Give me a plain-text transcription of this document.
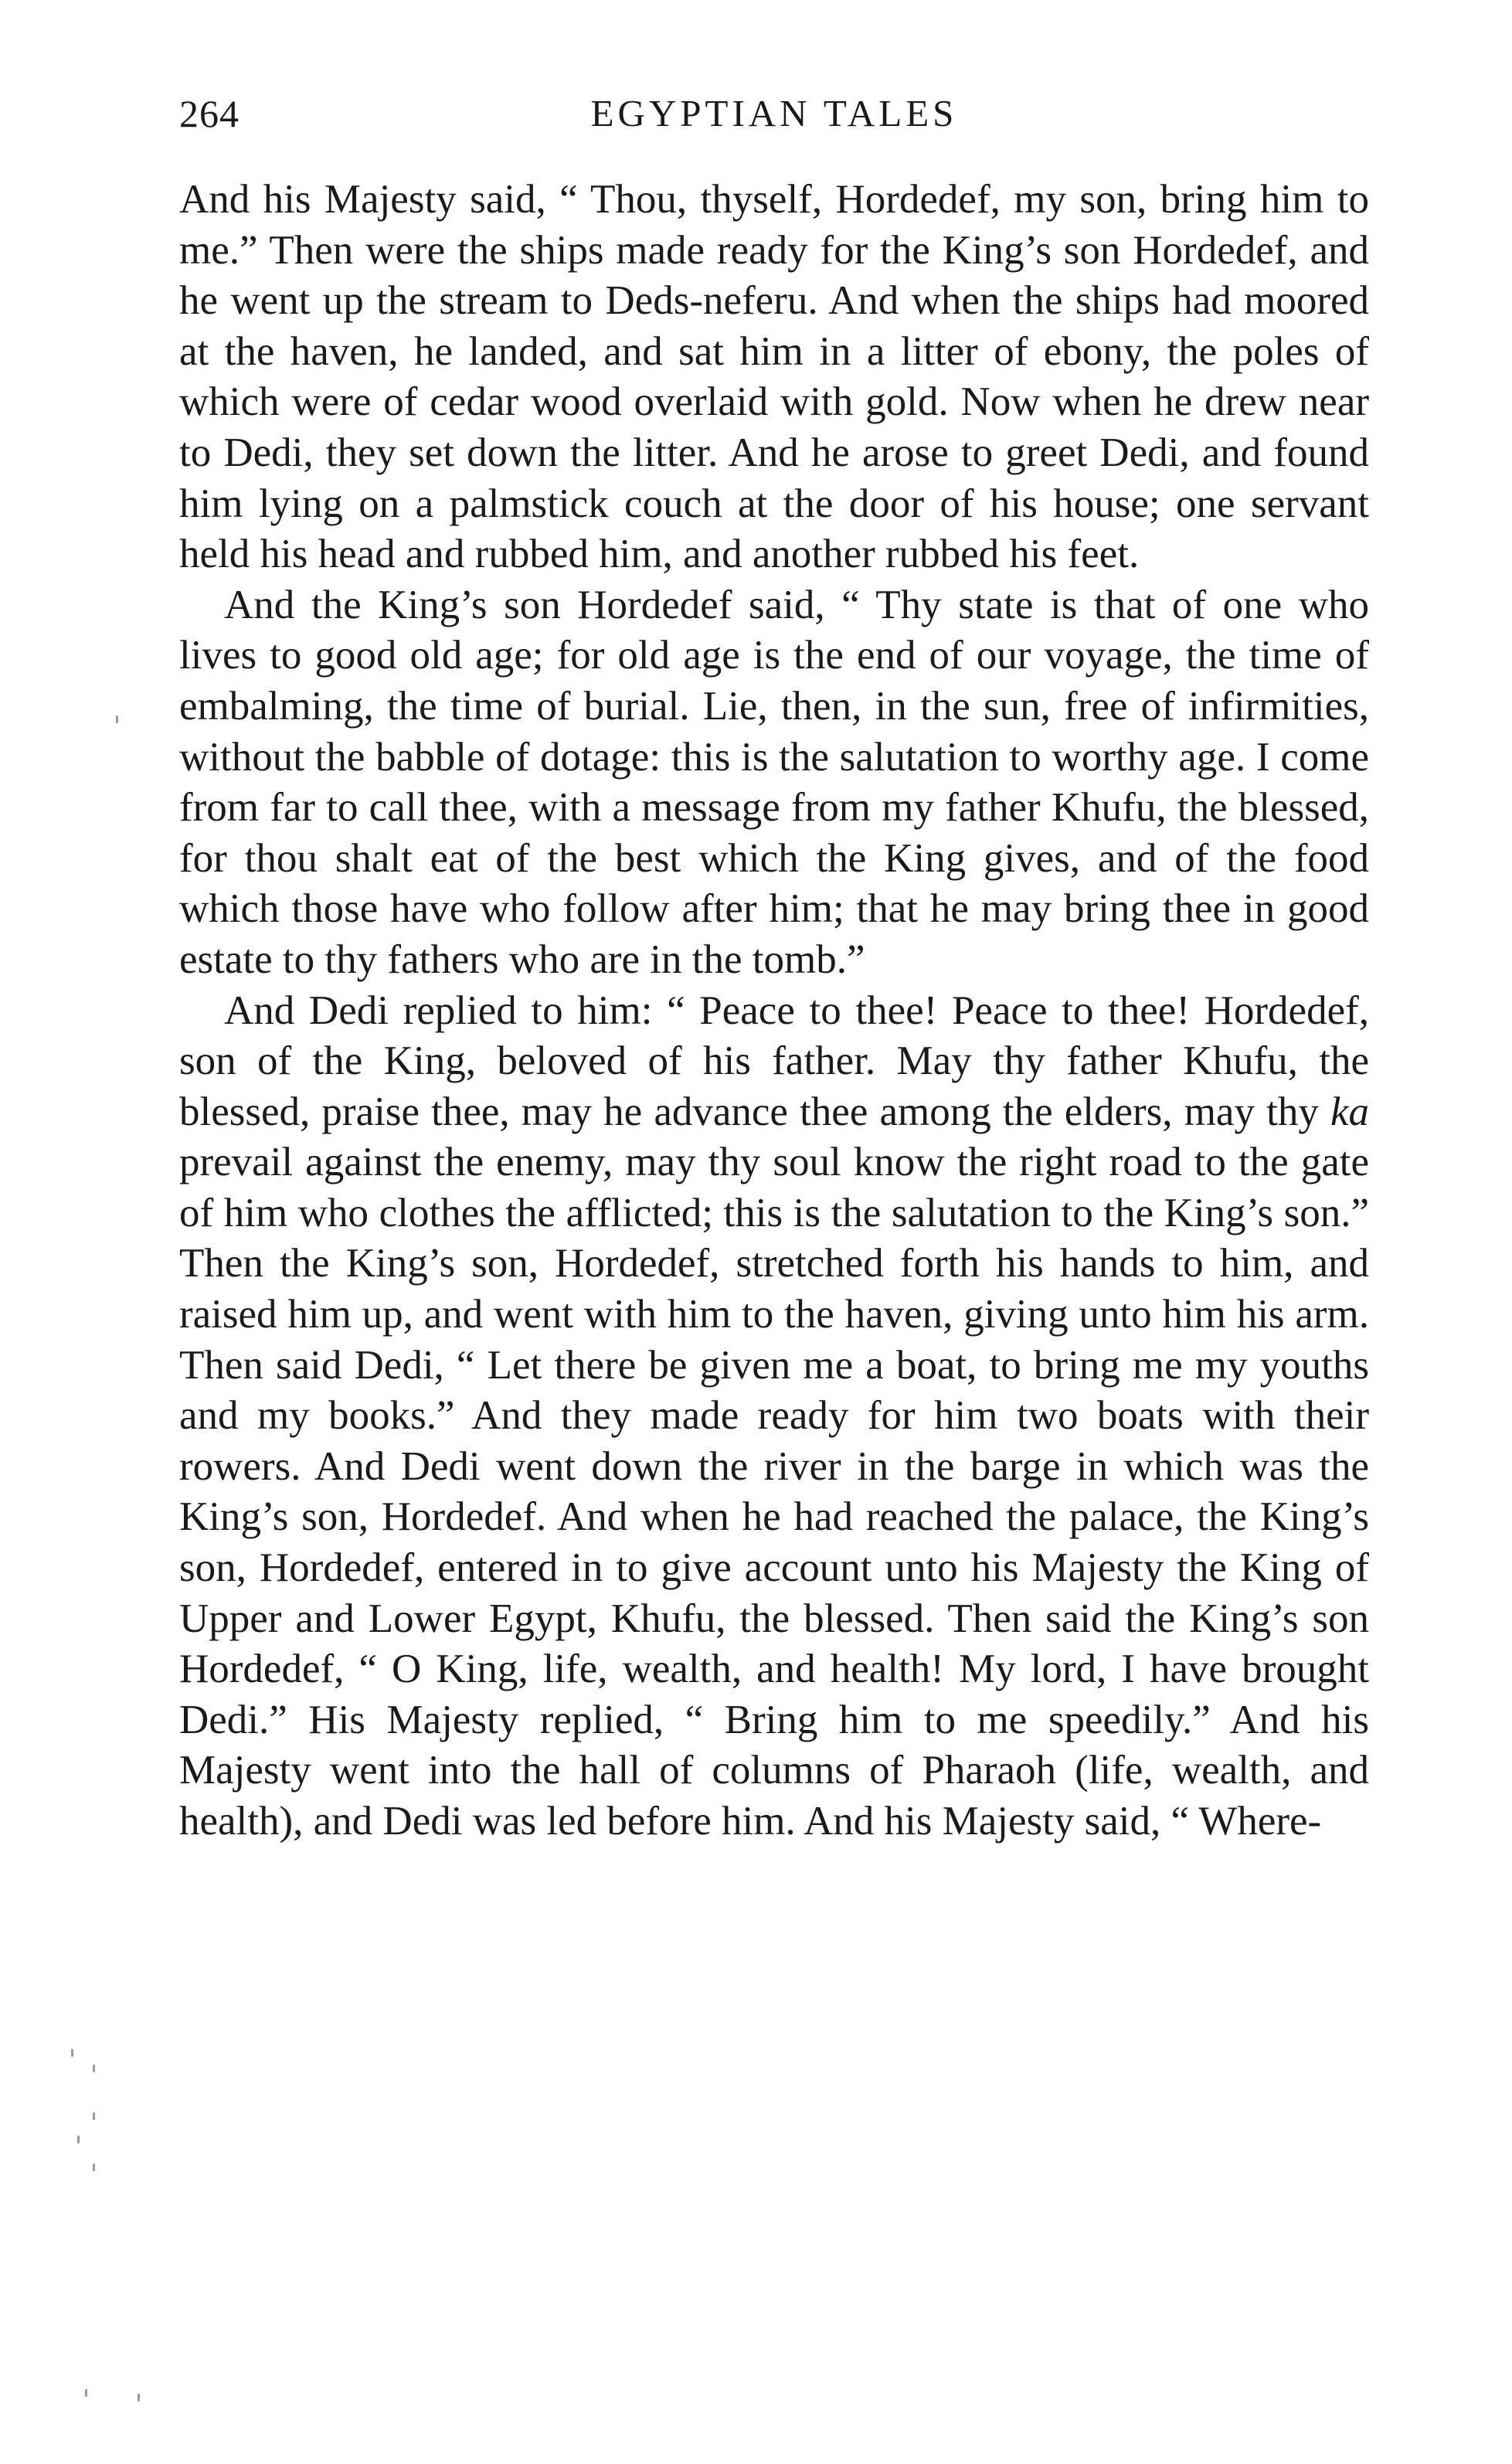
264	EGYPTIAN TALES

And his Majesty said, “ Thou, thyself, Hordedef, my son, bring him to me.” Then were the ships made ready for the King’s son Hordedef, and he went up the stream to Deds-neferu. And when the ships had moored at the haven, he landed, and sat him in a litter of ebony, the poles of which were of cedar wood overlaid with gold. Now when he drew near to Dedi, they set down the litter. And he arose to greet Dedi, and found him lying on a palmstick couch at the door of his house; one servant held his head and rubbed him, and another rubbed his feet.

And the King’s son Hordedef said, “ Thy state is that of one who lives to good old age; for old age is the end of our voyage, the time of embalming, the time of burial. Lie, then, in the sun, free of infirmities, without the babble of dotage: this is the salutation to worthy age. I come from far to call thee, with a message from my father Khufu, the blessed, for thou shalt eat of the best which the King gives, and of the food which those have who follow after him; that he may bring thee in good estate to thy fathers who are in the tomb.”

And Dedi replied to him: “ Peace to thee! Peace to thee! Hordedef, son of the King, beloved of his father. May thy father Khufu, the blessed, praise thee, may he advance thee among the elders, may thy ka prevail against the enemy, may thy soul know the right road to the gate of him who clothes the afflicted; this is the salutation to the King’s son.” Then the King’s son, Hordedef, stretched forth his hands to him, and raised him up, and went with him to the haven, giving unto him his arm. Then said Dedi, “ Let there be given me a boat, to bring me my youths and my books.” And they made ready for him two boats with their rowers. And Dedi went down the river in the barge in which was the King’s son, Hordedef. And when he had reached the palace, the King’s son, Hordedef, entered in to give account unto his Majesty the King of Upper and Lower Egypt, Khufu, the blessed. Then said the King’s son Hordedef, “ O King, life, wealth, and health! My lord, I have brought Dedi.” His Majesty replied, “ Bring him to me speedily.” And his Majesty went into the hall of columns of Pharaoh (life, wealth, and health), and Dedi was led before him. And his Majesty said, “ Where-
